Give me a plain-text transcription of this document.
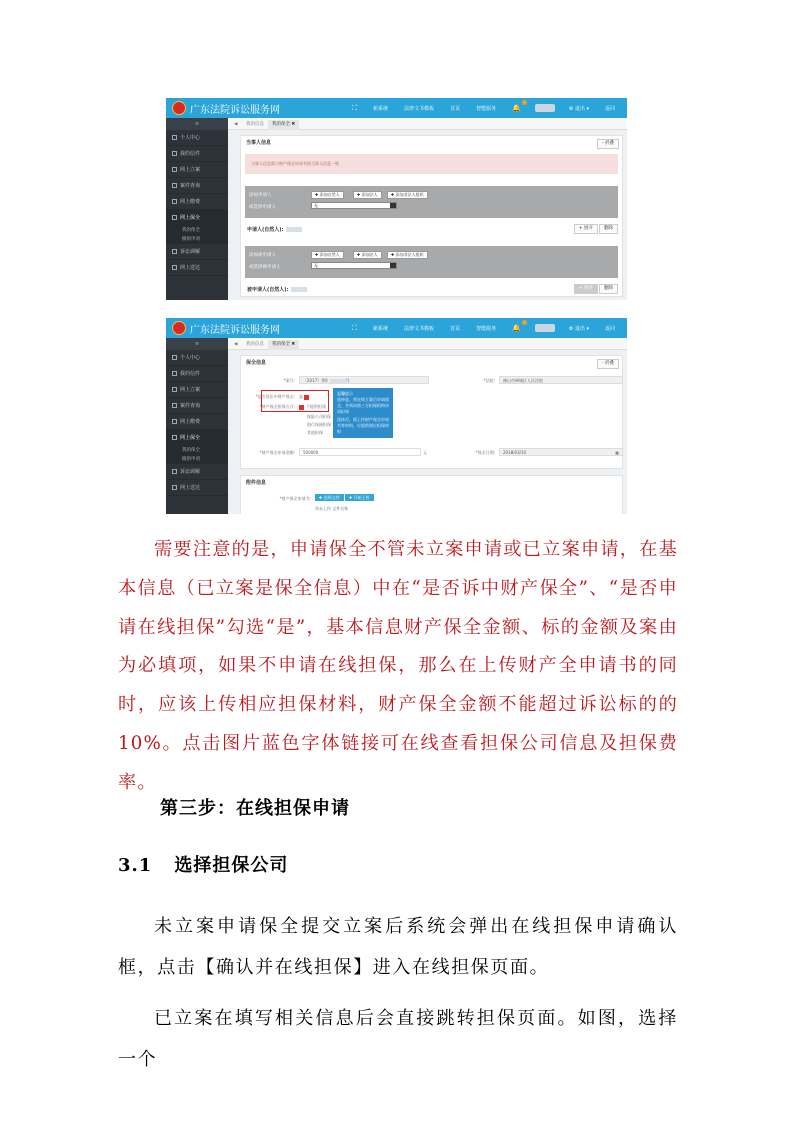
广东法院诉讼服务网	⛶	新系统	法律文书模板	首页	智能服务	🔔	⚙ 退出 ▾	返回
≡
个人中心
我的信件
网上立案
案件查询
网上缴费
网上保全
我的保全
撤销申请
诉讼调解
网上送达
◀	我的信息	我的保全 ✖
当事人信息	- 折叠
当事人信息需与财产保全申请书的当事人信息一致
添加申请人
或选择申请人
✚ 添加自然人	✚ 添加法人	✚ 添加非法人组织
无
申请人(自然人):	+ 展开	删除
添加被申请人
或选择被申请人
✚ 添加自然人	✚ 添加法人	✚ 添加非法人组织
无
被申请人(自然人):	+ 展开	删除
广东法院诉讼服务网	⛶	新系统	法律文书模板	首页	智能服务	🔔	⚙ 退出 ▾	返回
≡
个人中心
我的信件
网上立案
案件查询
网上缴费
网上保全
我的保全
撤销申请
诉讼调解
网上送达
◀	我的信息	我的保全 ✖
保全信息	- 折叠
*案号:	（2017）粤0	号	*法院:	佛山市禅城区人民法院
*是否诉讼中财产保全:
*财产保全担保方式:
是
不提供担保
保险公司担保
银行保函担保
其他担保
温馨提示
选择是，须在线立案后申请保全，并须向第三方担保机构申请担保
选择否，需上传财产保全申请书等材料，应提供相应担保材料
*财产保全申请金额:	500000	元	*保全日期:	2018/03/10	▦
附件信息
*财产保全申请书:	✚ 选择文件	✚ 开始上传
尚未上传 文件名称

需要注意的是，申请保全不管未立案申请或已立案申请，在基本信息（已立案是保全信息）中在“是否诉中财产保全”、“是否申请在线担保”勾选“是”，基本信息财产保全金额、标的金额及案由为必填项，如果不申请在线担保，那么在上传财产全申请书的同时，应该上传相应担保材料，财产保全金额不能超过诉讼标的的10%。点击图片蓝色字体链接可在线查看担保公司信息及担保费率。

第三步：在线担保申请
3.1 选择担保公司

未立案申请保全提交立案后系统会弹出在线担保申请确认框，点击【确认并在线担保】进入在线担保页面。

已立案在填写相关信息后会直接跳转担保页面。如图，选择一个
